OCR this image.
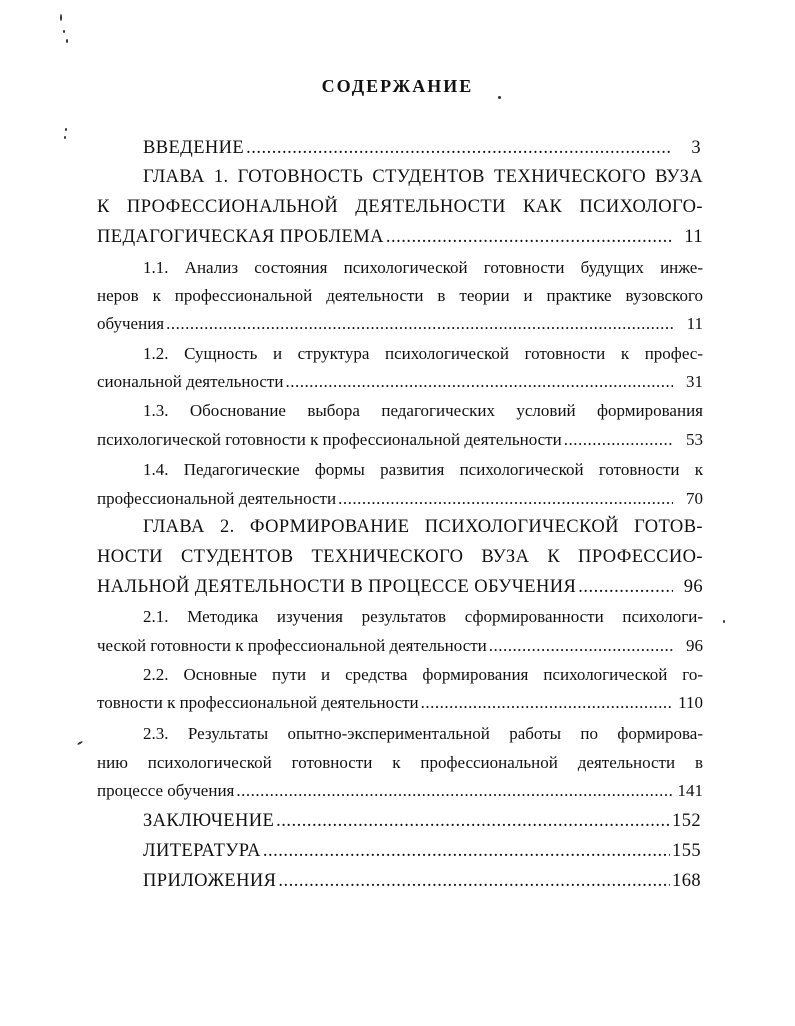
СОДЕРЖАНИЕ
ВВЕДЕНИЕ .....	3
ГЛАВА 1. ГОТОВНОСТЬ СТУДЕНТОВ ТЕХНИЧЕСКОГО ВУЗА
К ПРОФЕССИОНАЛЬНОЙ ДЕЯТЕЛЬНОСТИ КАК ПСИХОЛОГО-
ПЕДАГОГИЧЕСКАЯ ПРОБЛЕМА .....	11
1.1. Анализ состояния психологической готовности будущих инже-
неров к профессиональной деятельности в теории и практике вузовского
обучения .....	11
1.2. Сущность и структура психологической готовности к профес-
сиональной деятельности .....	31
1.3. Обоснование выбора педагогических условий формирования
психологической готовности к профессиональной деятельности .....	53
1.4. Педагогические формы развития психологической готовности к
профессиональной деятельности .....	70
ГЛАВА 2. ФОРМИРОВАНИЕ ПСИХОЛОГИЧЕСКОЙ ГОТОВ-
НОСТИ СТУДЕНТОВ ТЕХНИЧЕСКОГО ВУЗА К ПРОФЕССИО-
НАЛЬНОЙ ДЕЯТЕЛЬНОСТИ В ПРОЦЕССЕ ОБУЧЕНИЯ .....	96
2.1. Методика изучения результатов сформированности психологи-
ческой готовности к профессиональной деятельности .....	96
2.2. Основные пути и средства формирования психологической го-
товности к профессиональной деятельности .....	110
2.3. Результаты опытно-экспериментальной работы по формирова-
нию психологической готовности к профессиональной деятельности в
процессе обучения .....	141
ЗАКЛЮЧЕНИЕ .....	152
ЛИТЕРАТУРА .....	155
ПРИЛОЖЕНИЯ .....	168
